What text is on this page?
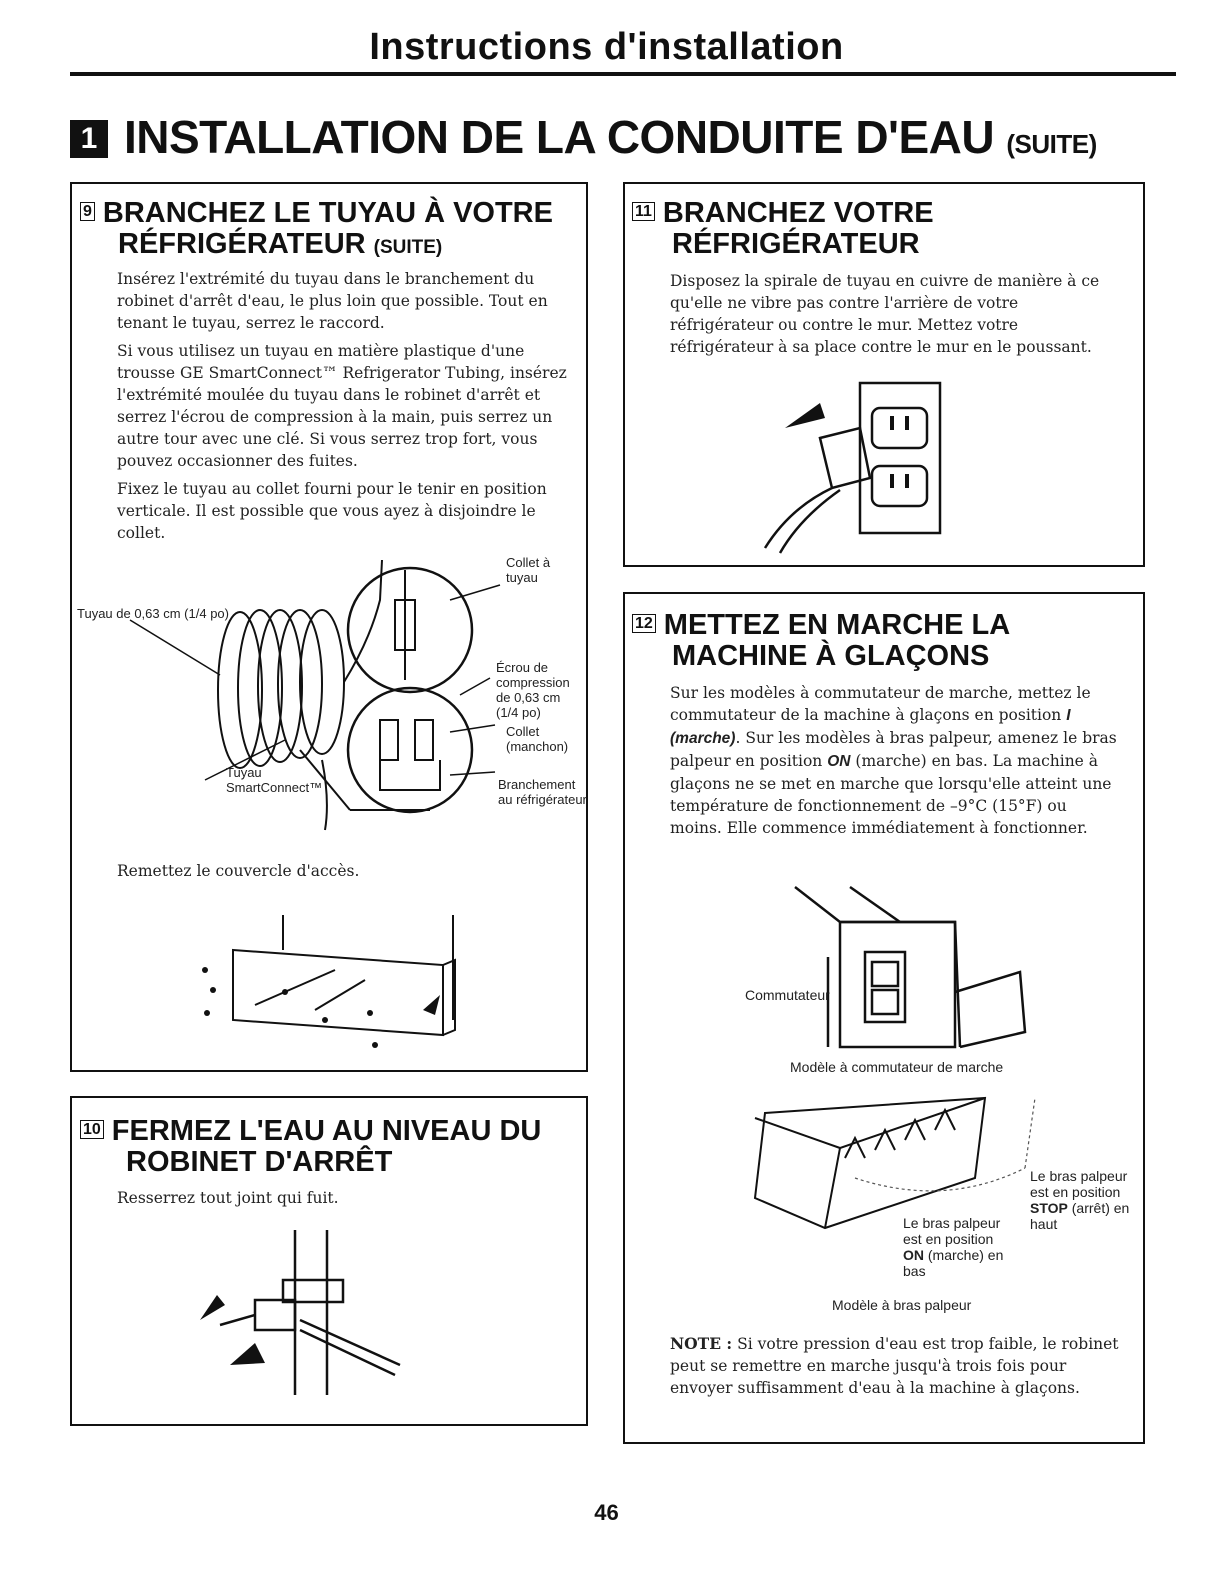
Instructions d'installation
1 INSTALLATION DE LA CONDUITE D'EAU (SUITE)
9 BRANCHEZ LE TUYAU À VOTRE
RÉFRIGÉRATEUR (SUITE)

Insérez l'extrémité du tuyau dans le branchement du robinet d'arrêt d'eau, le plus loin que possible. Tout en tenant le tuyau, serrez le raccord.

Si vous utilisez un tuyau en matière plastique d'une trousse GE SmartConnect™ Refrigerator Tubing, insérez l'extrémité moulée du tuyau dans le robinet d'arrêt et serrez l'écrou de compression à la main, puis serrez un autre tour avec une clé. Si vous serrez trop fort, vous pouvez occasionner des fuites.

Fixez le tuyau au collet fourni pour le tenir en position verticale. Il est possible que vous ayez à disjoindre le collet.

Collet à tuyau
Tuyau de 0,63 cm (1/4 po)
Écrou de compression de 0,63 cm (1/4 po)
Collet (manchon)
Branchement au réfrigérateur
Tuyau SmartConnect™
Remettez le couvercle d'accès.
10 FERMEZ L'EAU AU NIVEAU DU
ROBINET D'ARRÊT
Resserrez tout joint qui fuit.
11 BRANCHEZ VOTRE
RÉFRIGÉRATEUR
Disposez la spirale de tuyau en cuivre de manière à ce qu'elle ne vibre pas contre l'arrière de votre réfrigérateur ou contre le mur. Mettez votre réfrigérateur à sa place contre le mur en le poussant.
12 METTEZ EN MARCHE LA
MACHINE À GLAÇONS
Sur les modèles à commutateur de marche, mettez le commutateur de la machine à glaçons en position I (marche). Sur les modèles à bras palpeur, amenez le bras palpeur en position ON (marche) en bas. La machine à glaçons ne se met en marche que lorsqu'elle atteint une température de fonctionnement de –9°C (15°F) ou moins. Elle commence immédiatement à fonctionner.
Commutateur
Modèle à commutateur de marche
Le bras palpeur est en position STOP (arrêt) en haut
Le bras palpeur est en position ON (marche) en bas
Modèle à bras palpeur
NOTE : Si votre pression d'eau est trop faible, le robinet peut se remettre en marche jusqu'à trois fois pour envoyer suffisamment d'eau à la machine à glaçons.
46
